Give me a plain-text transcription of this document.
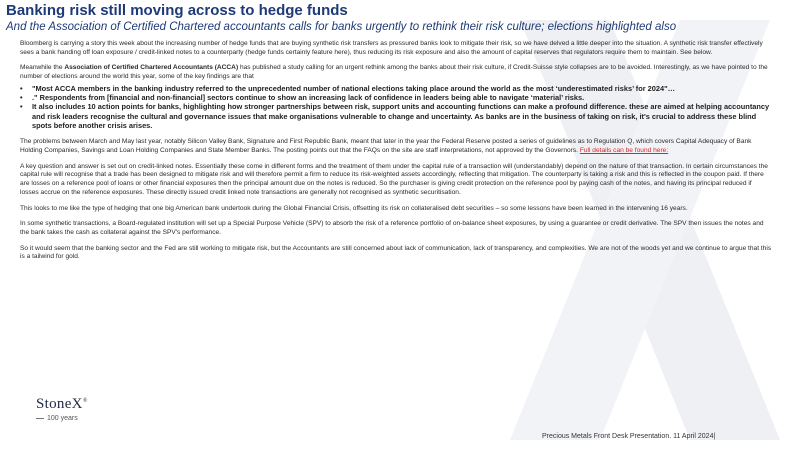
Banking risk still moving across to hedge funds
And the Association of Certified Chartered accountants calls for banks urgently to rethink their risk culture; elections highlighted also

Bloomberg is carrying a story this week about the increasing number of hedge funds that are buying synthetic risk transfers as pressured banks look to mitigate their risk, so we have delved a little deeper into the situation. A synthetic risk transfer effectively sees a bank handing off loan exposure / credit-linked notes to a counterparty (hedge funds certainly feature here), thus reducing its risk exposure and also the amount of capital reserves that regulators require them to maintain. See below.

Meanwhile the Association of Certified Chartered Accountants (ACCA) has published a study calling for an urgent rethink among the banks about their risk culture, if Credit-Suisse style collapses are to be avoided. Interestingly, as we have pointed to the number of elections around the world this year, some of the key findings are that

• "Most ACCA members in the banking industry referred to the unprecedented number of national elections taking place around the world as the most ‘underestimated risks’ for 2024"…
• ." Respondents from [financial and non-financial] sectors continue to show an increasing lack of confidence in leaders being able to navigate ‘material’ risks.
• It also includes 10 action points for banks, highlighting how stronger partnerships between risk, support units and accounting functions can make a profound difference. these are aimed at helping accountancy and risk leaders recognise the cultural and governance issues that make organisations vulnerable to change and uncertainty. As banks are in the business of taking on risk, it's crucial to address these blind spots before another crisis arises.

The problems between March and May last year, notably Silicon Valley Bank, Signature and First Republic Bank, meant that later in the year the Federal Reserve posted a series of guidelines as to Regulation Q, which covers Capital Adequacy of Bank Holding Companies, Savings and Loan Holding Companies and State Member Banks. The posting points out that the FAQs on the site are staff interpretations, not approved by the Governors. Full details can be found here:

A key question and answer is set out on credit-linked notes. Essentially these come in different forms and the treatment of them under the capital rule of a transaction will (understandably) depend on the nature of that transaction. In certain circumstances the capital rule will recognise that a trade has been designed to mitigate risk and will therefore permit a firm to reduce its risk-weighted assets accordingly, reflecting that mitigation. The counterparty is taking a risk and this is reflected in the coupon paid. If there are losses on a reference pool of loans or other financial exposures then the principal amount due on the notes is reduced. So the purchaser is giving credit protection on the reference pool by paying cash of the notes, and having its principal reduced if losses accrue on the reference exposures. These directly issued credit linked note transactions are generally not recognised as synthetic securitisation.

This looks to me like the type of hedging that one big American bank undertook during the Global Financial Crisis, offsetting its risk on collateralised debt securities – so some lessons have been learned in the intervening 16 years.

In some synthetic transactions, a Board-regulated institution will set up a Special Purpose Vehicle (SPV) to absorb the risk of a reference portfolio of on-balance sheet exposures, by using a guarantee or credit derivative. The SPV then issues the notes and the bank takes the cash as collateral against the SPV's performance.

So it would seem that the banking sector and the Fed are still working to mitigate risk, but the Accountants are still concerned about lack of communication, lack of transparency, and complexities. We are not of the woods yet and we continue to argue that this is a tailwind for gold.

StoneX®
100 years
Precious Metals Front Desk Presentation. 11 April 2024|
